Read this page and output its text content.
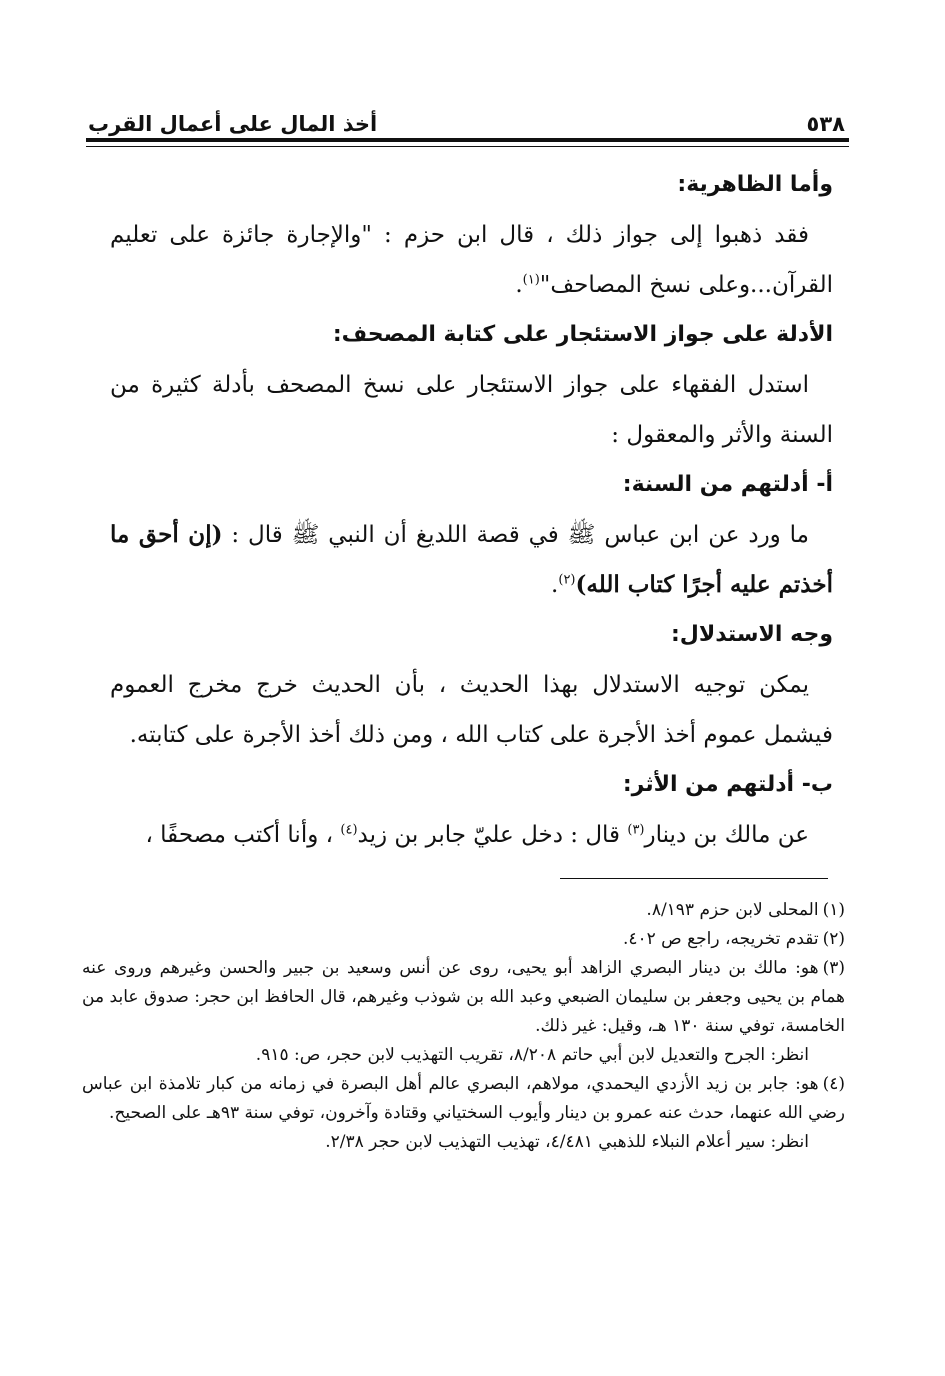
٥٣٨
أخذ المال على أعمال القرب

وأما الظاهرية:

فقد ذهبوا إلى جواز ذلك ، قال ابن حزم : "والإجارة جائزة على تعليم القرآن...وعلى نسخ المصاحف"$^{(١)}$.

الأدلة على جواز الاستئجار على كتابة المصحف:

استدل الفقهاء على جواز الاستئجار على نسخ المصحف بأدلة كثيرة من السنة والأثر والمعقول :

أ- أدلتهم من السنة:

ما ورد عن ابن عباس ﷺ في قصة اللديغ أن النبي ﷺ قال : (إن أحق ما أخذتم عليه أجرًا كتاب الله)$^{(٢)}$.

وجه الاستدلال:

يمكن توجيه الاستدلال بهذا الحديث ، بأن الحديث خرج مخرج العموم فيشمل عموم أخذ الأجرة على كتاب الله ، ومن ذلك أخذ الأجرة على كتابته.

ب- أدلتهم من الأثر:

عن مالك بن دينار$^{(٣)}$ قال : دخل عليّ جابر بن زيد$^{(٤)}$ ، وأنا أكتب مصحفًا ،

(١)المحلى لابن حزم ٨/١٩٣.

(٢)تقدم تخريجه، راجع ص ٤٠٢.

(٣)هو: مالك بن دينار البصري الزاهد أبو يحيى، روى عن أنس وسعيد بن جبير والحسن وغيرهم وروى عنه همام بن يحيى وجعفر بن سليمان الضبعي وعبد الله بن شوذب وغيرهم، قال الحافظ ابن حجر: صدوق عابد من الخامسة، توفي سنة ١٣٠ هـ، وقيل: غير ذلك.

انظر: الجرح والتعديل لابن أبي حاتم ٨/٢٠٨، تقريب التهذيب لابن حجر، ص: ٩١٥.

(٤)هو: جابر بن زيد الأزدي اليحمدي، مولاهم، البصري عالم أهل البصرة في زمانه من كبار تلامذة ابن عباس رضي الله عنهما، حدث عنه عمرو بن دينار وأيوب السختياني وقتادة وآخرون، توفي سنة ٩٣هـ على الصحيح.

انظر: سير أعلام النبلاء للذهبي ٤/٤٨١، تهذيب التهذيب لابن حجر ٢/٣٨.
